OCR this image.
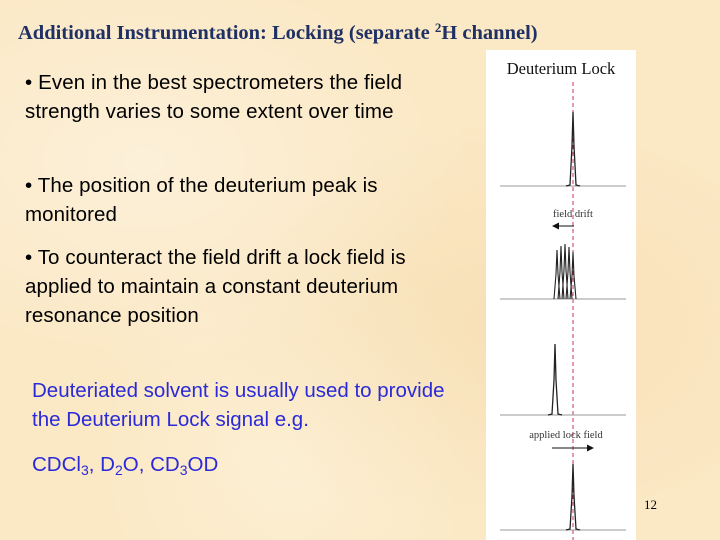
Additional Instrumentation: Locking (separate $^2$H channel)
• Even in the best spectrometers the field strength varies to some extent over time
• The position of the deuterium peak is monitored
• To counteract the field drift a lock field is applied to maintain a constant deuterium resonance position
Deuteriated solvent is usually used to provide the Deuterium Lock signal e.g.
CDCl$_3$, $D_2O$, $CD_3OD$
Deuterium Lock
field drift
applied lock field
12
